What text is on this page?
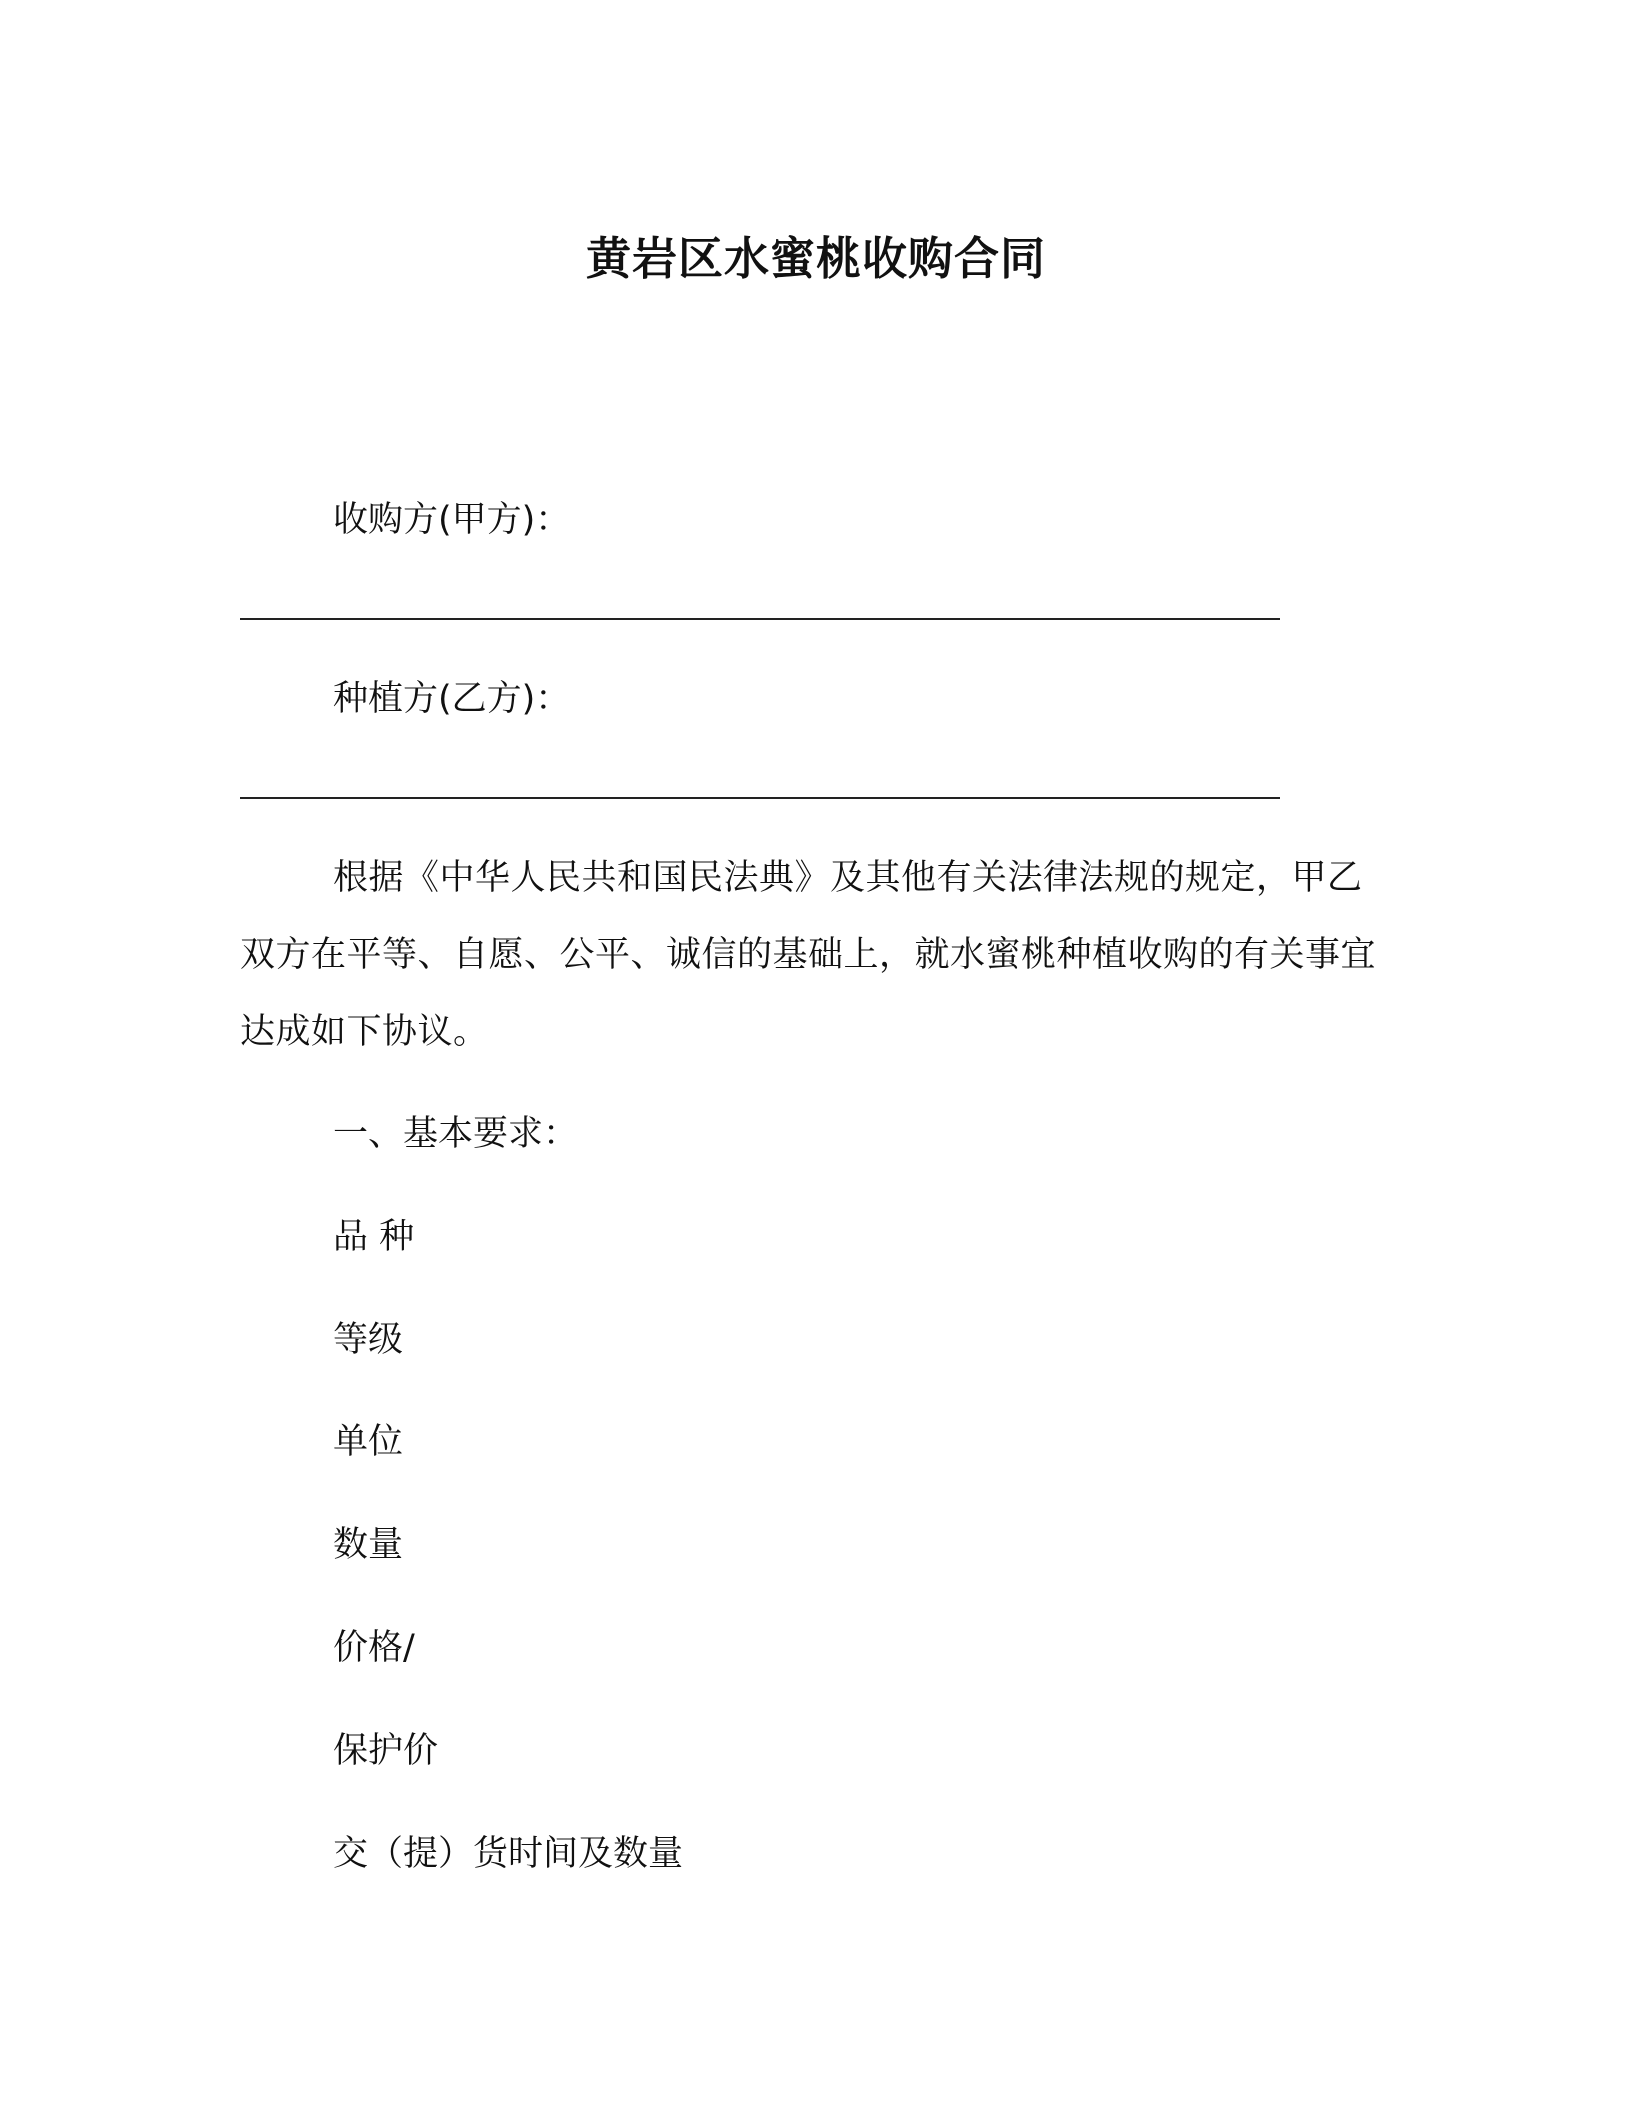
黄岩区水蜜桃收购合同
收购方(甲方)：
种植方(乙方)：
根据《中华人民共和国民法典》及其他有关法律法规的规定，甲乙双方在平等、自愿、公平、诚信的基础上，就水蜜桃种植收购的有关事宜达成如下协议。
一、基本要求：
品 种
等级
单位
数量
价格/
保护价
交（提）货时间及数量
